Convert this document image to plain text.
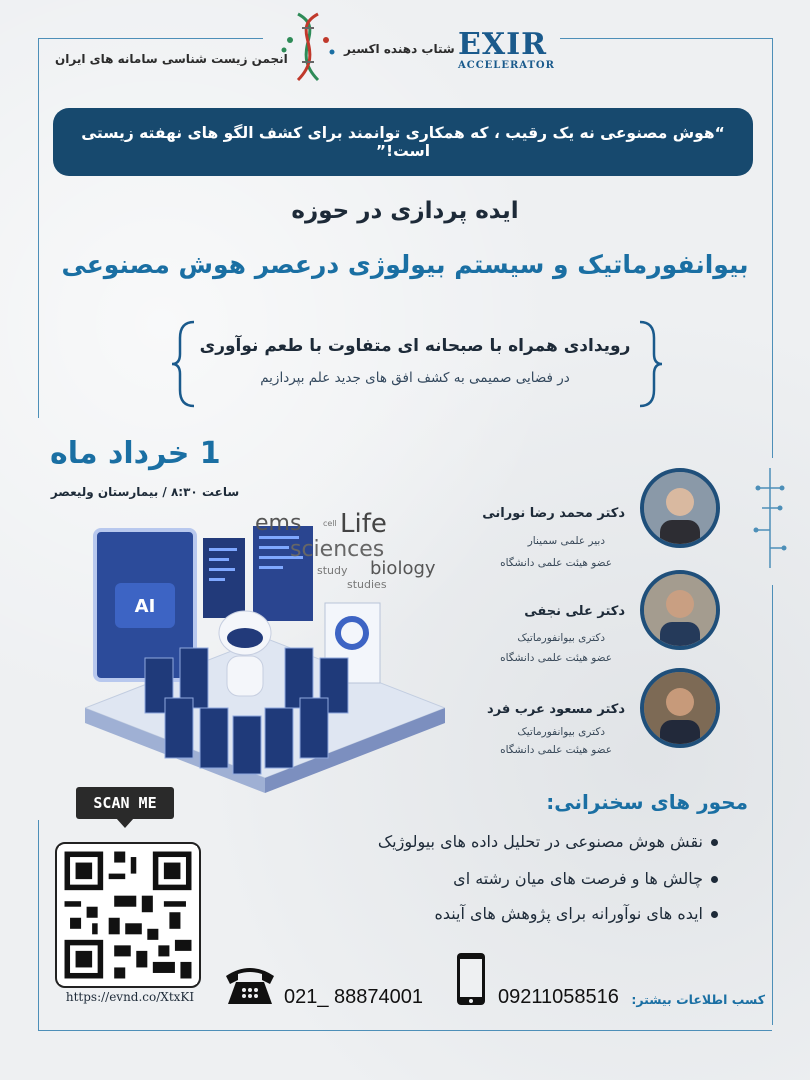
انجمن زیست شناسی سامانه های ایران
شتاب دهنده اکسیر EXIR
ACCELERATOR
“هوش مصنوعی نه یک رقیب ، که همکاری توانمند برای کشف الگو های نهفته زیستی است!”
ایده پردازی در حوزه
بیوانفورماتیک و سیستم بیولوژی درعصر هوش مصنوعی
رویدادی همراه با صبحانه ای متفاوت با طعم نوآوری
در فضایی صمیمی به کشف افق های جدید علم بپردازیم
1 خرداد ماه
ساعت ۸:۳۰ / بیمارستان ولیعصر
AI
ems Life
sciences
biology
studies
cell
study
دکتر محمد رضا نورانی
دبیر علمی سمینار
عضو هیئت علمی دانشگاه
دکتر علی نجفی
دکتری بیوانفورماتیک
عضو هیئت علمی دانشگاه
دکتر مسعود عرب فرد
دکتری بیوانفورماتیک
عضو هیئت علمی دانشگاه
محور های سخنرانی:
نقش هوش مصنوعی در تحلیل داده های بیولوژیک
چالش ها و فرصت های میان رشته ای
ایده های نوآورانه برای پژوهش های آینده
SCAN ME
https://evnd.co/XtxKI	کسب اطلاعات بیشتر:
09211058516
021_ 88874001
